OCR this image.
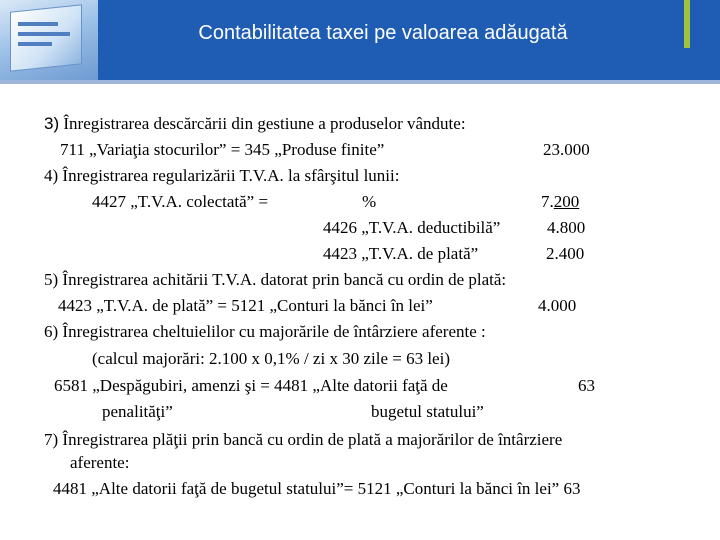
Contabilitatea taxei pe valoarea adăugată
3) Înregistrarea descărcării din gestiune a produselor vândute:
711 „Variaţia stocurilor” = 345 „Produse finite”	23.000
4) Înregistrarea regularizării T.V.A. la sfârşitul lunii:
4427 „T.V.A. colectată” =	%	7.200
4426 „T.V.A. deductibilă”	4.800
4423 „T.V.A. de plată”	2.400
5) Înregistrarea achitării T.V.A. datorat prin bancă cu ordin de plată:
4423 „T.V.A. de plată” = 5121 „Conturi la bănci în lei”	4.000
6) Înregistrarea cheltuielilor cu majorările de întârziere aferente :
(calcul majorări: 2.100 x 0,1% / zi x 30 zile = 63 lei)
6581 „Despăgubiri, amenzi şi = 4481 „Alte datorii faţă de	63
penalităţi”	bugetul statului”
7) Înregistrarea plăţii prin bancă cu ordin de plată a majorărilor de întârziere
aferente:
4481 „Alte datorii faţă de bugetul statului”= 5121 „Conturi la bănci în lei” 63
